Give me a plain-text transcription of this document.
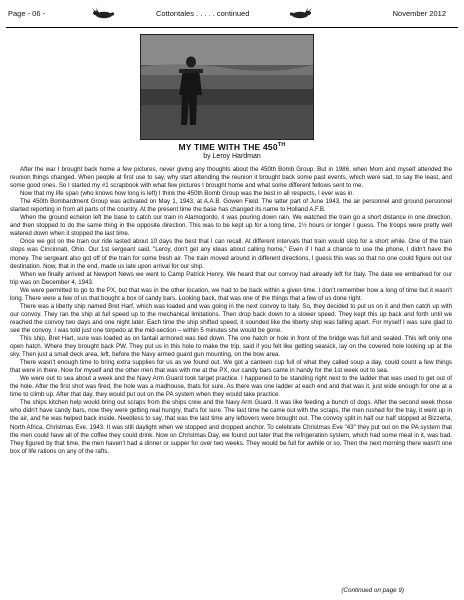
Page - 06 -	Cottontales . . . . . continued	November 2012
MY TIME WITH THE 450TH
by Leroy Hardman

After the war I brought back home a few pictures, never giving any thoughts about the 450th Bomb Group. But in 1986, when Mom and myself attended the reunion things changed. When people at first use to say, why start attending the reunion it brought back some past events, which were sad, to say the least, and some good ones. So I started my #1 scrapbook with what few pictures I brought home and what some different fellows sent to me.

Now that my life span (who knows how long is left) I think the 450th Bomb Group was the best in all respects, I ever was in.

The 450th Bombardment Group was activated on May 1, 1943, at A.A.B. Gowen Field. The latter part of June 1943, the air personnel and ground personnel started reporting in from all parts of the country. At the present time the base has changed its name to Holland A.F.B.

When the ground echelon left the base to catch our train in Alamogordo, it was pouring down rain. We watched the train go a short distance in one direction, and then stopped to do the same thing in the opposite direction. This was to be kept up for a long time, 1½ hours or longer I guess. The troops were pretty well watered down when it stopped the last time.

Once we got on the train our ride lasted about 10 days the best that I can recall. At different intervals that train would stop for a short while. One of the train stops was Cincinnati, Ohio. Our 1st sergeant said, "Leroy, don't get any ideas about calling home," Even if I had a chance to use the phone, I didn't have the money. The sergeant also got off of the train for some fresh air. The train moved around in different directions, I guess this was so that no one could figure out our destination. Now, that in the end, made us late upon arrival for our ship.

When we finally arrived at Newport News we went to Camp Patrick Henry. We heard that our convoy had already left for Italy. The date we embarked for our trip was on December 4, 1943.

We were permitted to go to the PX, but that was in the other location, we had to be back within a given time. I don't remember how a long of time but it wasn't long. There were a few of us that bought a box of candy bars. Looking back, that was one of the things that a few of us done right.

There was a liberty ship named Bret Harf, which was loaded and was going in the next convoy to Italy. So, they decided to put us on it and then catch up with our convoy. They ran the ship at full speed up to the mechanical limitations. Then drop back down to a slower speed. They kept this up back and forth until we reached the convoy two days and one night later. Each time the ship shifted speed, it sounded like the liberty ship was falling apart. For myself I was sure glad to see the convoy. I was told just one torpedo at the mid-section – within 5 minutes she would be gone.

This ship, Bret Hart, sure was loaded as on fantail armored was tied down. The one hatch or hole in front of the bridge was full and sealed. This left only one open hatch. Where they brought back PW. They put us in this hole to make the trip, said if you felt like getting seasick, lay on the covered hole looking up at the sky. Then just a small deck area, left, before the Navy armed guard gun mounting, on the bow area.

There wasn't enough time to bring extra supplies for us as we found out. We got a canteen cup full of what they called soup a day, could count a few things that were in there. Now for myself and the other men that was with me at the PX, our candy bars came in handy for the 1st week out to sea.

We were out to sea about a week and the Navy Arm Guard took target practice. I happened to be standing right next to the ladder that was used to get out of the hole. After the first shot was fired, the hole was a madhouse, thats for sure. As there was one ladder at each end and that was it, just wide enough for one at a time to climb up. After that day, they would put out on the PA system when they would take practice.

The ships kitchen help would bring out scraps from the ships crew and the Navy Arm Guard. It was like feeding a bunch of dogs. After the second week those who didn't have candy bars, now they were getting real hungry, that's for sure. The last time he came out with the scraps, the men rushed for the tray, it went up in the air, and he was helped back inside. Needless to say, that was the last time any leftovers were brought out. The convoy split in half our half stopped at Bizzerta, North Africa, Christmas Eve, 1943. It was still daylight when we stopped and dropped anchor. To celebrate Christmas Eve "43" they put out on the PA system that the men could have all of the coffee they could drink. Now on Christmas Day, we found out later that the refrigeration system, which had some meat in it, was bad. They figured by that time, the men haven't had a dinner or supper for over two weeks. They would be full for awhile or so. Then the next morning there wasn't one box of life rations on any of the rafts.

(Continued on page 9)
